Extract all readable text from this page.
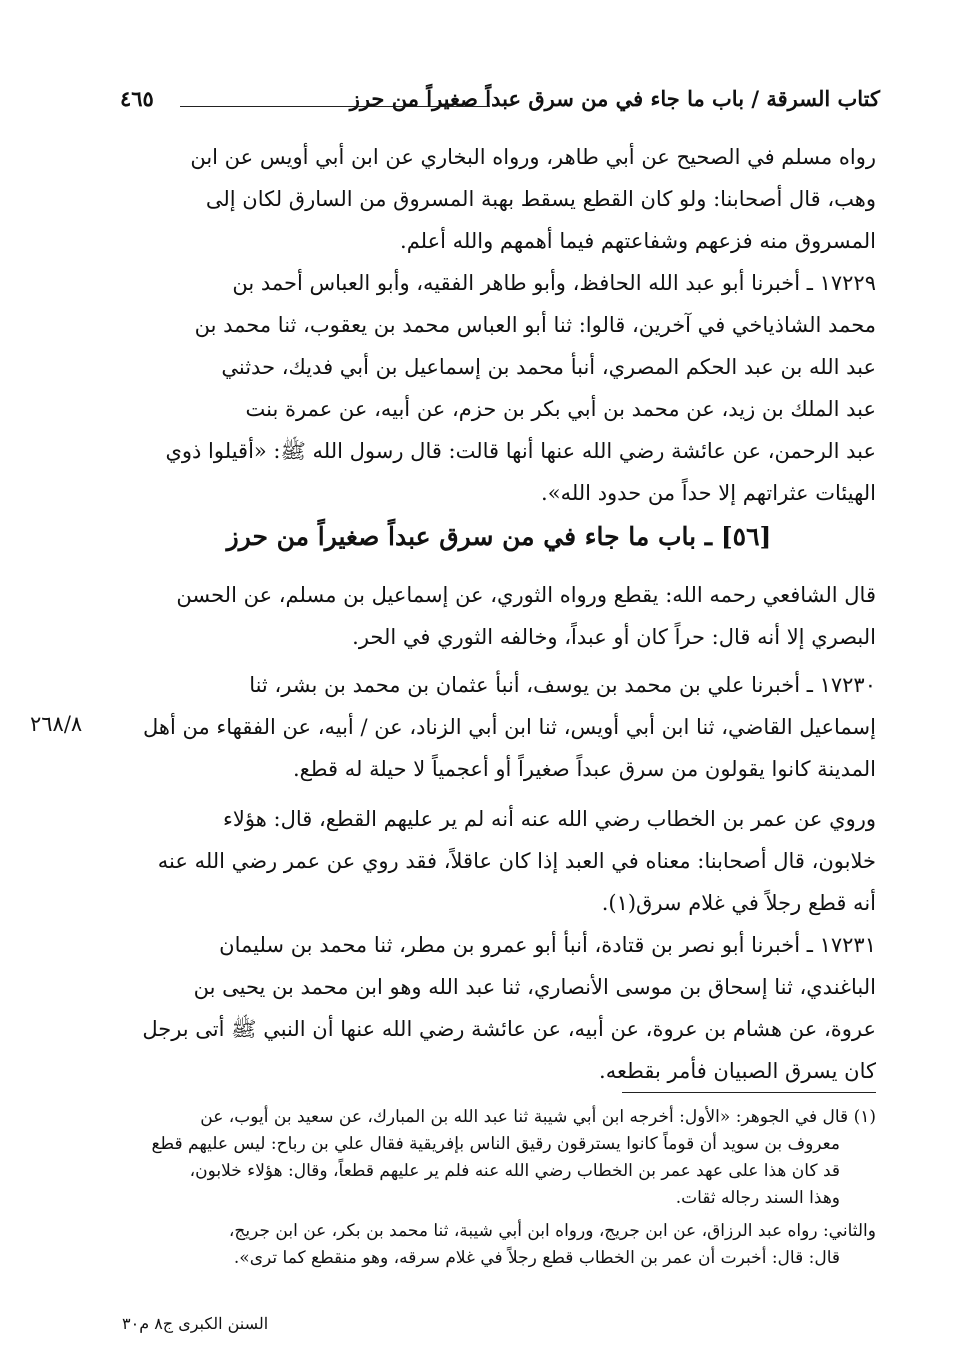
كتاب السرقة / باب ما جاء في من سرق عبداً صغيراً من حرز
٤٦٥

رواه مسلم في الصحيح عن أبي طاهر، ورواه البخاري عن ابن أبي أويس عن ابن

وهب، قال أصحابنا: ولو كان القطع يسقط بهبة المسروق من السارق لكان إلى

المسروق منه فزعهم وشفاعتهم فيما أهمهم والله أعلم.

١٧٢٢٩ ـ أخبرنا أبو عبد الله الحافظ، وأبو طاهر الفقيه، وأبو العباس أحمد بن

محمد الشاذياخي في آخرين، قالوا: ثنا أبو العباس محمد بن يعقوب، ثنا محمد بن

عبد الله بن عبد الحكم المصري، أنبأ محمد بن إسماعيل بن أبي فديك، حدثني

عبد الملك بن زيد، عن محمد بن أبي بكر بن حزم، عن أبيه، عن عمرة بنت

عبد الرحمن، عن عائشة رضي الله عنها أنها قالت: قال رسول الله ﷺ: «أقيلوا ذوي

الهيئات عثراتهم إلا حداً من حدود الله».

[٥٦] ـ باب ما جاء في من سرق عبداً صغيراً من حرز

قال الشافعي رحمه الله: يقطع ورواه الثوري، عن إسماعيل بن مسلم، عن الحسن

البصري إلا أنه قال: حراً كان أو عبداً، وخالفه الثوري في الحر.

١٧٢٣٠ ـ أخبرنا علي بن محمد بن يوسف، أنبأ عثمان بن محمد بن بشر، ثنا

إسماعيل القاضي، ثنا ابن أبي أويس، ثنا ابن أبي الزناد، عن / أبيه، عن الفقهاء من أهل

المدينة كانوا يقولون من سرق عبداً صغيراً أو أعجمياً لا حيلة له قطع.

٢٦٨/٨

وروي عن عمر بن الخطاب رضي الله عنه أنه لم ير عليهم القطع، قال: هؤلاء

خلابون، قال أصحابنا: معناه في العبد إذا كان عاقلاً، فقد روي عن عمر رضي الله عنه

أنه قطع رجلاً في غلام سرق(١).

١٧٢٣١ ـ أخبرنا أبو نصر بن قتادة، أنبأ أبو عمرو بن مطر، ثنا محمد بن سليمان

الباغندي، ثنا إسحاق بن موسى الأنصاري، ثنا عبد الله وهو ابن محمد بن يحيى بن

عروة، عن هشام بن عروة، عن أبيه، عن عائشة رضي الله عنها أن النبي ﷺ أتى برجل

كان يسرق الصبيان فأمر بقطعه.

(١) قال في الجوهر: «الأول: أخرجه ابن أبي شيبة ثنا عبد الله بن المبارك، عن سعيد بن أيوب، عن

معروف بن سويد أن قوماً كانوا يسترقون رقيق الناس بإفريقية فقال علي بن رباح: ليس عليهم قطع

قد كان هذا على عهد عمر بن الخطاب رضي الله عنه فلم ير عليهم قطعاً، وقال: هؤلاء خلابون،

وهذا السند رجاله ثقات.

والثاني: رواه عبد الرزاق، عن ابن جريج، ورواه ابن أبي شيبة، ثنا محمد بن بكر، عن ابن جريج،

قال: قال: أخبرت أن عمر بن الخطاب قطع رجلاً في غلام سرقه، وهو منقطع كما ترى».

السنن الكبرى ج٨ م٣٠
